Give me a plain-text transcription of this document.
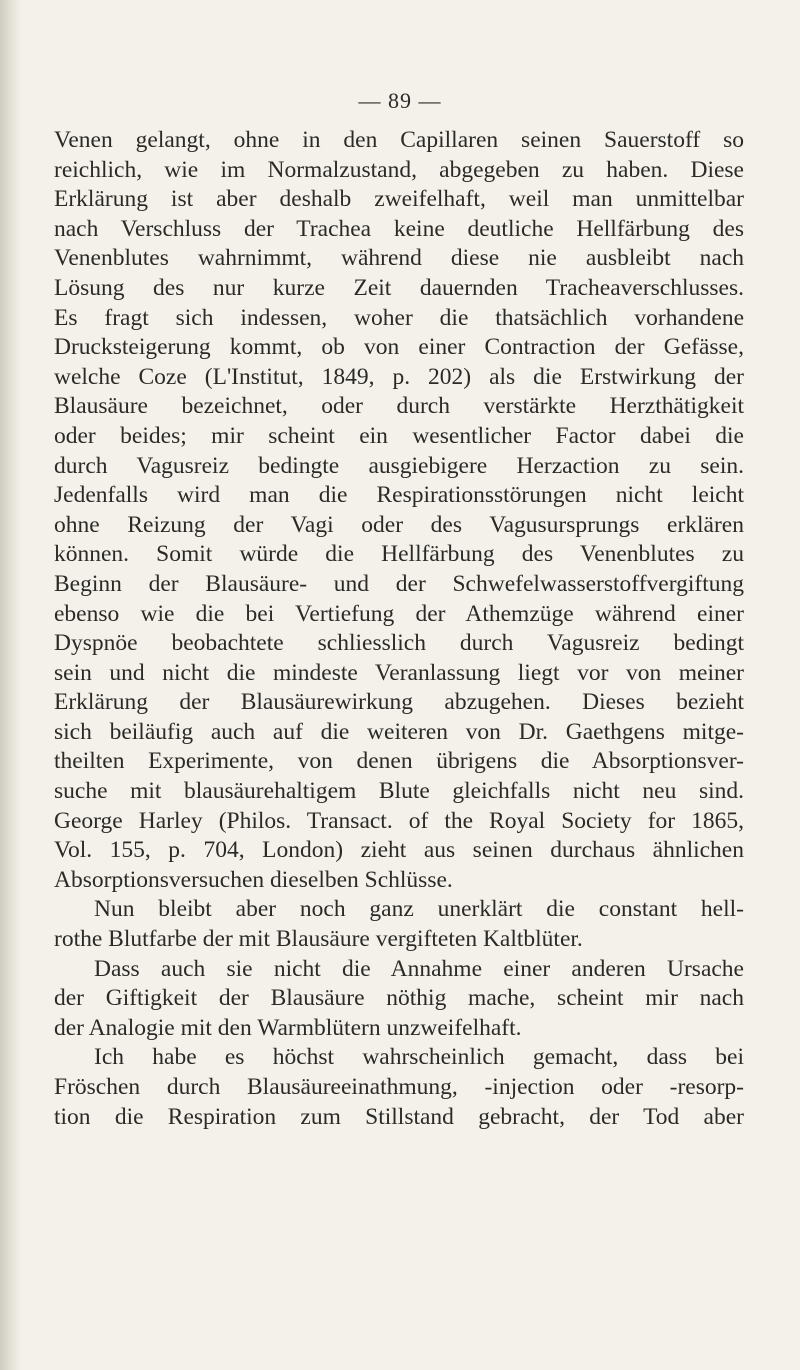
— 89 —
Venen gelangt, ohne in den Capillaren seinen Sauerstoff so
reichlich, wie im Normalzustand, abgegeben zu haben. Diese
Erklärung ist aber deshalb zweifelhaft, weil man unmittelbar
nach Verschluss der Trachea keine deutliche Hellfärbung des
Venenblutes wahrnimmt, während diese nie ausbleibt nach
Lösung des nur kurze Zeit dauernden Tracheaverschlusses.
Es fragt sich indessen, woher die thatsächlich vorhandene
Drucksteigerung kommt, ob von einer Contraction der Gefässe,
welche Coze (L'Institut, 1849, p. 202) als die Erstwirkung der
Blausäure bezeichnet, oder durch verstärkte Herzthätigkeit
oder beides; mir scheint ein wesentlicher Factor dabei die
durch Vagusreiz bedingte ausgiebigere Herzaction zu sein.
Jedenfalls wird man die Respirationsstörungen nicht leicht
ohne Reizung der Vagi oder des Vagusursprungs erklären
können. Somit würde die Hellfärbung des Venenblutes zu
Beginn der Blausäure- und der Schwefelwasserstoffvergiftung
ebenso wie die bei Vertiefung der Athemzüge während einer
Dyspnöe beobachtete schliesslich durch Vagusreiz bedingt
sein und nicht die mindeste Veranlassung liegt vor von meiner
Erklärung der Blausäurewirkung abzugehen. Dieses bezieht
sich beiläufig auch auf die weiteren von Dr. Gaethgens mitge-
theilten Experimente, von denen übrigens die Absorptionsver-
suche mit blausäurehaltigem Blute gleichfalls nicht neu sind.
George Harley (Philos. Transact. of the Royal Society for 1865,
Vol. 155, p. 704, London) zieht aus seinen durchaus ähnlichen
Absorptionsversuchen dieselben Schlüsse.
Nun bleibt aber noch ganz unerklärt die constant hell-
rothe Blutfarbe der mit Blausäure vergifteten Kaltblüter.
Dass auch sie nicht die Annahme einer anderen Ursache
der Giftigkeit der Blausäure nöthig mache, scheint mir nach
der Analogie mit den Warmblütern unzweifelhaft.
Ich habe es höchst wahrscheinlich gemacht, dass bei
Fröschen durch Blausäureeinathmung, -injection oder -resorp-
tion die Respiration zum Stillstand gebracht, der Tod aber
